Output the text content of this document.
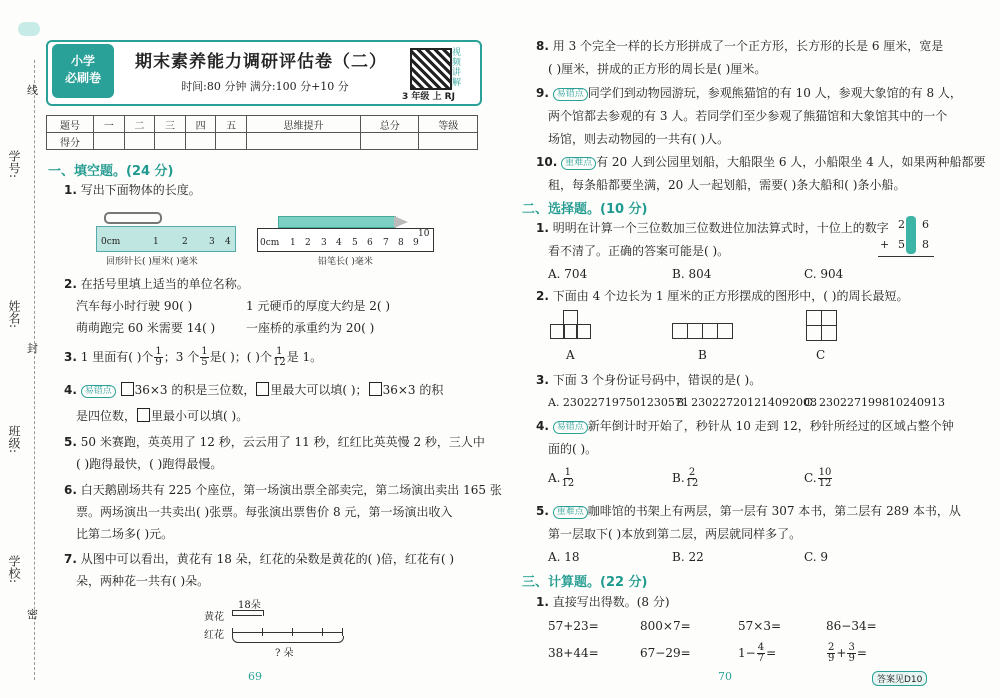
线
封
密
学号:
姓名:
班级:
学校:
小学
必刷卷
期末素养能力调研评估卷（二）
时间:80 分钟 满分:100 分+10 分
视频讲解
3 年级 上 RJ
题号	一	二	三	四	五	思维提升	总分	等级
得分								
一、填空题。(24 分)
1. 写出下面物体的长度。
0cm	1	2 3 4
回形针长( )厘米( )毫米
0cm 1 2 3 4 5 6 7 8 9
10
铅笔长( )毫米
2. 在括号里填上适当的单位名称。
汽车每小时行驶 90( )	1 元硬币的厚度大约是 2( )
萌萌跑完 60 米需要 14( )	一座桥的承重约为 20( )
3. 1 里面有( )个 $\frac{1}{9}$ ；3 个 $\frac{1}{5}$ 是( )；( )个 $\frac{1}{12}$ 是 1。
4. 易错点 36×3 的积是三位数， 里最大可以填( )； 36×3 的积
是四位数， 里最小可以填( )。
5. 50 米赛跑，英英用了 12 秒，云云用了 11 秒，红红比英英慢 2 秒，三人中
( )跑得最快，( )跑得最慢。
6. 白天鹅剧场共有 225 个座位，第一场演出票全部卖完，第二场演出卖出 165 张
票。两场演出一共卖出( )张票。每张演出票售价 8 元，第一场演出收入
比第二场多( )元。
7. 从图中可以看出，黄花有 18 朵，红花的朵数是黄花的( )倍，红花有( )
朵，两种花一共有( )朵。
18朵
黄花
红花
? 朵
69
8. 用 3 个完全一样的长方形拼成了一个正方形，长方形的长是 6 厘米，宽是
( )厘米，拼成的正方形的周长是( )厘米。
9. 易错点 同学们到动物园游玩，参观熊猫馆的有 10 人，参观大象馆的有 8 人，
两个馆都去参观的有 3 人。若同学们至少参观了熊猫馆和大象馆其中的一个
场馆，则去动物园的一共有( )人。
10. 重难点 有 20 人到公园里划船，大船限坐 6 人，小船限坐 4 人，如果两种船都要
租，每条船都要坐满，20 人一起划船，需要( )条大船和( )条小船。
二、选择题。(10 分)
1. 明明在计算一个三位数加三位数进位加法算式时，十位上的数字
看不清了。正确的答案可能是( )。
A. 704	B. 804	C. 904
2 6
+ 5 8
2. 下面由 4 个边长为 1 厘米的正方形摆成的图形中，( )的周长最短。
A	B	C
3. 下面 3 个身份证号码中，错误的是( )。
A. 230227197501230571
B. 230227201214092008
C. 230227199810240913
4. 易错点 新年倒计时开始了，秒针从 10 走到 12，秒针所经过的区域占整个钟
面的( )。
A. $\frac{1}{12}$	B. $\frac{2}{12}$	C. $\frac{10}{12}$
5. 重难点 咖啡馆的书架上有两层，第一层有 307 本书，第二层有 289 本书，从
第一层取下( )本放到第二层，两层就同样多了。
A. 18	B. 22	C. 9
三、计算题。(22 分)
1. 直接写出得数。(8 分)
57+23=	800×7=	57×3=	86−34=
38+44=	67−29=	$1- \frac{4}{7}$ =	$\frac{2}{9} + \frac{3}{9}$ =
70	答案见D10
